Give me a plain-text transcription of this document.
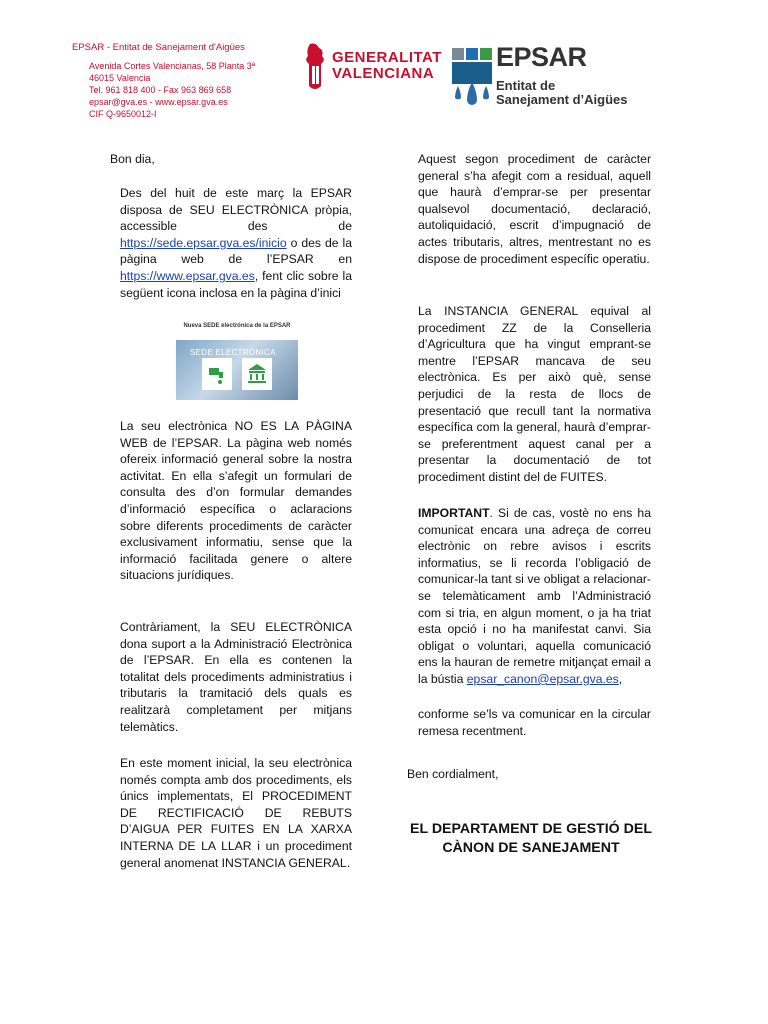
EPSAR - Entitat de Sanejament d'Aigües
Avenida Cortes Valencianas, 58 Planta 3ª
46015 Valencia
Tel. 961 818 400 - Fax 963 869 658
epsar@gva.es - www.epsar.gva.es
CIF Q-9650012-I
GENERALITAT
VALENCIANA
EPSAR
Entitat de
Sanejament d’Aigües
Bon dia,
Des del huit de este març la EPSAR disposa de SEU ELECTRÒNICA pròpia, accessible des de https://sede.epsar.gva.es/inicio o des de la pàgina web de l’EPSAR en https://www.epsar.gva.es, fent clic sobre la següent icona inclosa en la pàgina d’inici
Nueva SEDE electrónica de la EPSAR
SEDE ELECTRÓNICA
La seu electrònica NO ES LA PÀGINA WEB de l’EPSAR. La pàgina web només ofereix informació general sobre la nostra activitat. En ella s’afegit un formulari de consulta des d’on formular demandes d’informació específica o aclaracions sobre diferents procediments de caràcter exclusivament informatiu, sense que la informació facilitada genere o altere situacions jurídiques.
Contràriament, la SEU ELECTRÒNICA dona suport a la Administració Electrònica de l’EPSAR. En ella es contenen la totalitat dels procediments administratius i tributaris la tramitació dels quals es realitzarà completament per mitjans telemàtics.
En este moment inicial, la seu electrònica només compta amb dos procediments, els únics implementats, El PROCEDIMENT DE RECTIFICACIÓ DE REBUTS D’AIGUA PER FUITES EN LA XARXA INTERNA DE LA LLAR i un procediment general anomenat INSTANCIA GENERAL.
Aquest segon procediment de caràcter general s’ha afegit com a residual, aquell que haurà d’emprar-se per presentar qualsevol documentació, declaració, autoliquidació, escrit d’impugnació de actes tributaris, altres, mentrestant no es dispose de procediment específic operatiu.
La INSTANCIA GENERAL equival al procediment ZZ de la Conselleria d’Agricultura que ha vingut emprant-se mentre l’EPSAR mancava de seu electrònica. Es per això què, sense perjudici de la resta de llocs de presentació que recull tant la normativa específica com la general, haurà d’emprar-se preferentment aquest canal per a presentar la documentació de tot procediment distint del de FUITES.
IMPORTANT. Si de cas, vostè no ens ha comunicat encara una adreça de correu electrònic on rebre avisos i escrits informatius, se li recorda l’obligació de comunicar-la tant si ve obligat a relacionar-se telemàticament amb l’Administració com si tria, en algun moment, o ja ha triat esta opció i no ha manifestat canvi. Sia obligat o voluntari, aquella comunicació ens la hauran de remetre mitjançat email a la bústia epsar_canon@epsar.gva.es,
conforme se’ls va comunicar en la circular remesa recentment.
Ben cordialment,
EL DEPARTAMENT DE GESTIÓ DEL
CÀNON DE SANEJAMENT
